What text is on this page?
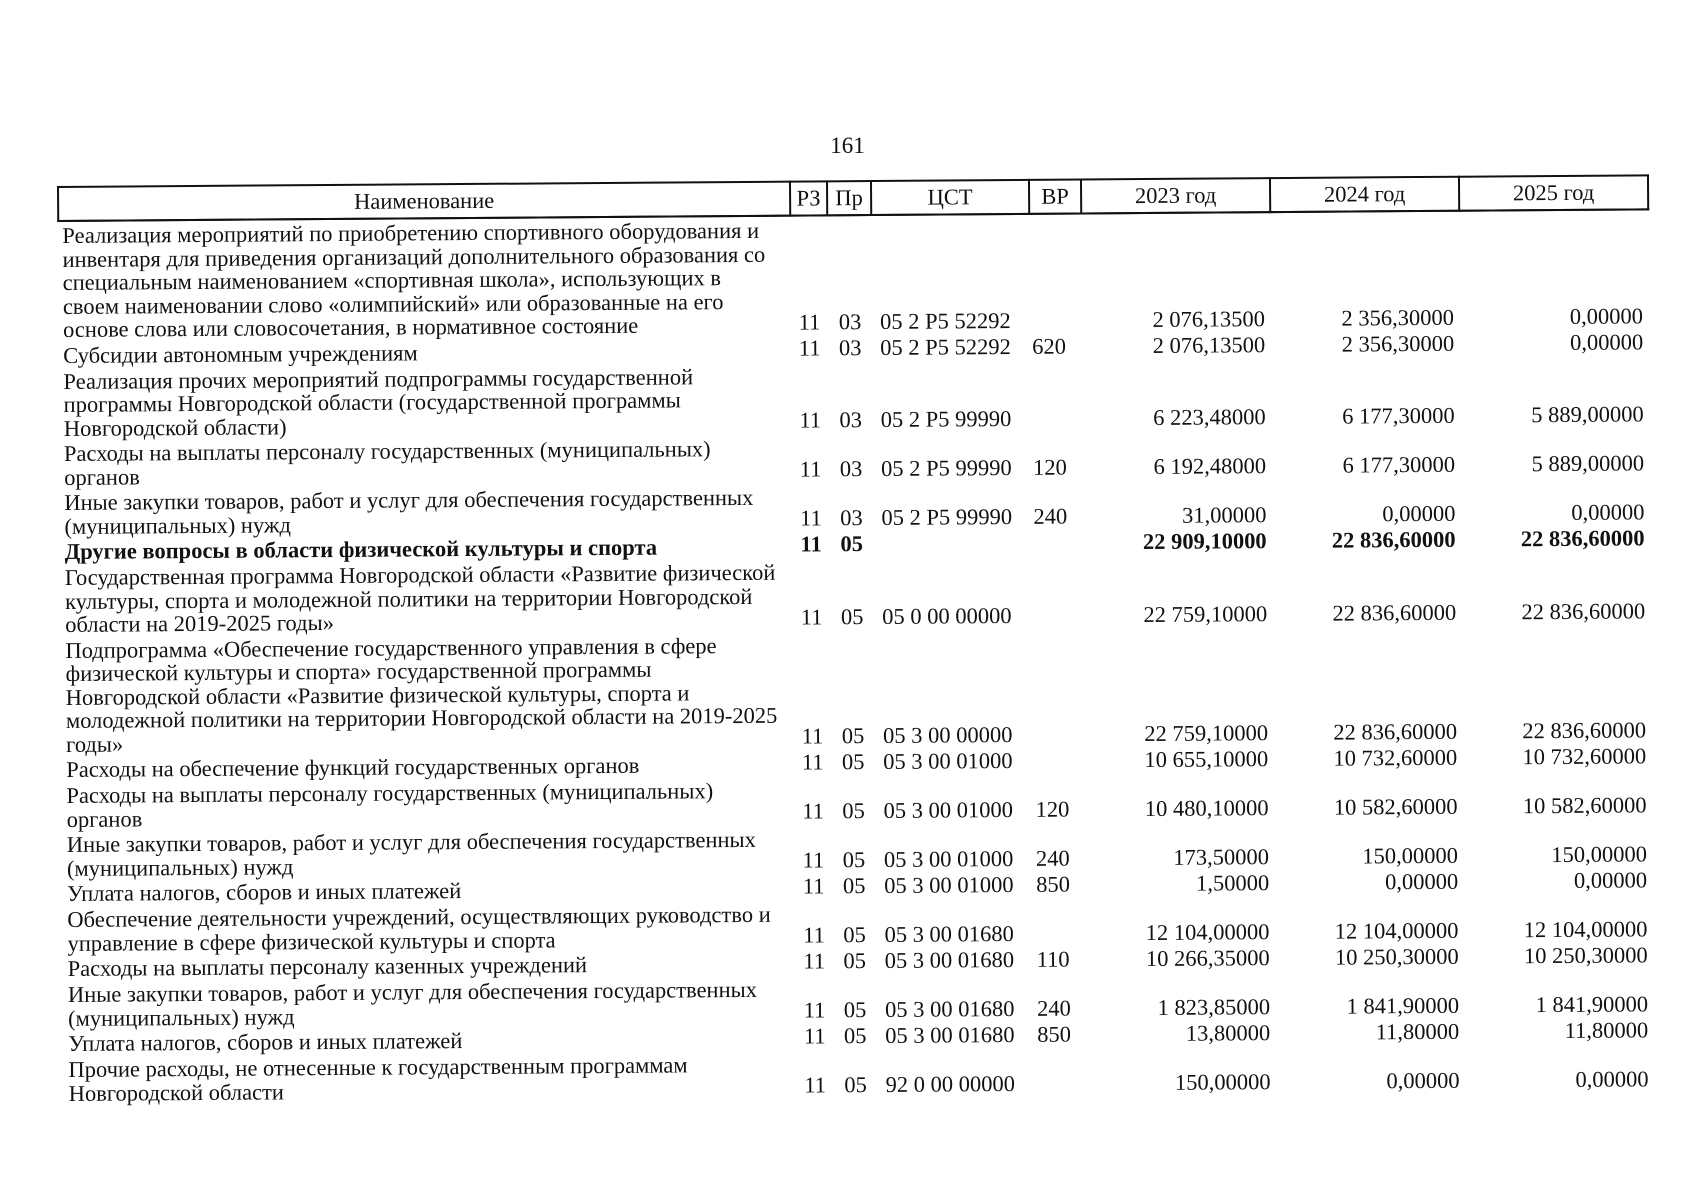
161
Наименование	РЗ	Пр	ЦСТ	ВР	2023 год	2024 год	2025 год
Реализация мероприятий по приобретению спортивного оборудования и инвентаря для приведения организаций дополнительного образования со специальным наименованием «спортивная школа», использующих в своем наименовании слово «олимпийский» или образованные на его основе слова или словосочетания, в нормативное состояние	11	03	05 2 P5 52292		2 076,13500	2 356,30000	0,00000
Субсидии автономным учреждениям	11	03	05 2 P5 52292	620	2 076,13500	2 356,30000	0,00000
Реализация прочих мероприятий подпрограммы государственной программы Новгородской области (государственной программы Новгородской области)	11	03	05 2 P5 99990		6 223,48000	6 177,30000	5 889,00000
Расходы на выплаты персоналу государственных (муниципальных) органов	11	03	05 2 P5 99990	120	6 192,48000	6 177,30000	5 889,00000
Иные закупки товаров, работ и услуг для обеспечения государственных (муниципальных) нужд	11	03	05 2 P5 99990	240	31,00000	0,00000	0,00000
Другие вопросы в области физической культуры и спорта	11	05			22 909,10000	22 836,60000	22 836,60000
Государственная программа Новгородской области «Развитие физической культуры, спорта и молодежной политики на территории Новгородской области на 2019-2025 годы»	11	05	05 0 00 00000		22 759,10000	22 836,60000	22 836,60000
Подпрограмма «Обеспечение государственного управления в сфере физической культуры и спорта» государственной программы Новгородской области «Развитие физической культуры, спорта и молодежной политики на территории Новгородской области на 2019-2025 годы»	11	05	05 3 00 00000		22 759,10000	22 836,60000	22 836,60000
Расходы на обеспечение функций государственных органов	11	05	05 3 00 01000		10 655,10000	10 732,60000	10 732,60000
Расходы на выплаты персоналу государственных (муниципальных) органов	11	05	05 3 00 01000	120	10 480,10000	10 582,60000	10 582,60000
Иные закупки товаров, работ и услуг для обеспечения государственных (муниципальных) нужд	11	05	05 3 00 01000	240	173,50000	150,00000	150,00000
Уплата налогов, сборов и иных платежей	11	05	05 3 00 01000	850	1,50000	0,00000	0,00000
Обеспечение деятельности учреждений, осуществляющих руководство и управление в сфере физической культуры и спорта	11	05	05 3 00 01680		12 104,00000	12 104,00000	12 104,00000
Расходы на выплаты персоналу казенных учреждений	11	05	05 3 00 01680	110	10 266,35000	10 250,30000	10 250,30000
Иные закупки товаров, работ и услуг для обеспечения государственных (муниципальных) нужд	11	05	05 3 00 01680	240	1 823,85000	1 841,90000	1 841,90000
Уплата налогов, сборов и иных платежей	11	05	05 3 00 01680	850	13,80000	11,80000	11,80000
Прочие расходы, не отнесенные к государственным программам Новгородской области	11	05	92 0 00 00000		150,00000	0,00000	0,00000
